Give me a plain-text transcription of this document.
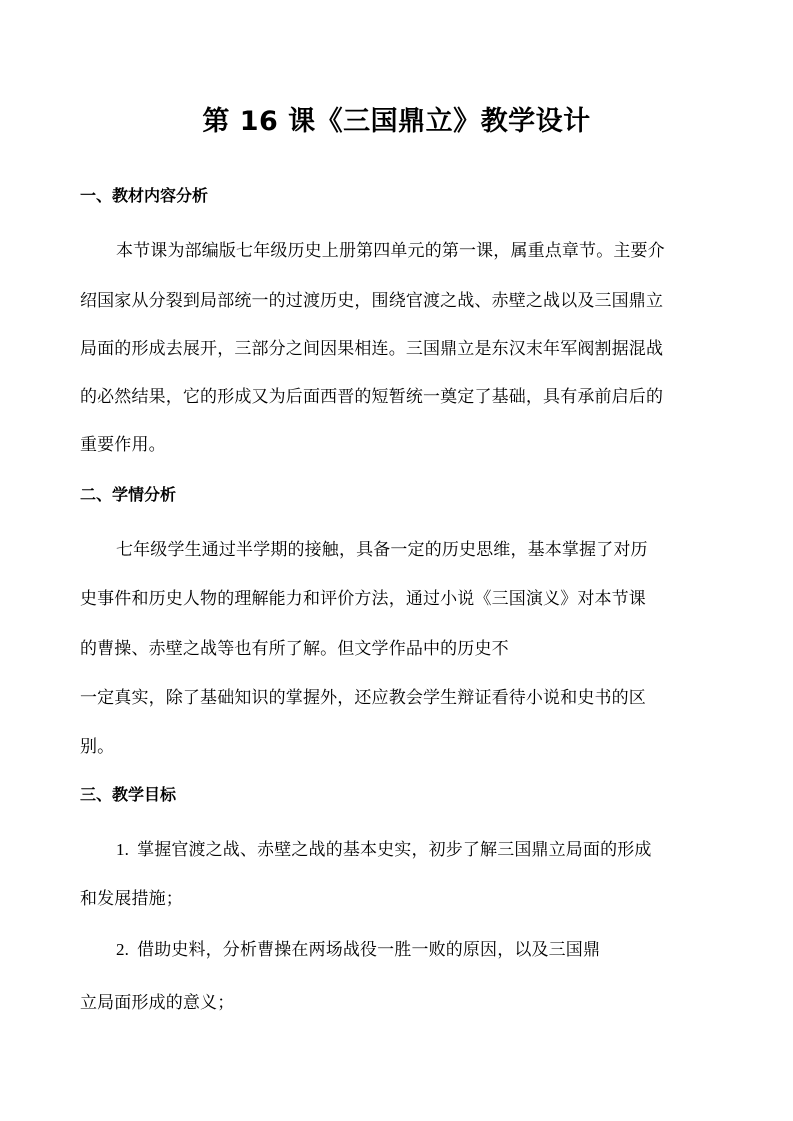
第 16 课《三国鼎立》教学设计
一、教材内容分析
本节课为部编版七年级历史上册第四单元的第一课，属重点章节。主要介
绍国家从分裂到局部统一的过渡历史，围绕官渡之战、赤壁之战以及三国鼎立
局面的形成去展开，三部分之间因果相连。三国鼎立是东汉末年军阀割据混战
的必然结果，它的形成又为后面西晋的短暂统一奠定了基础，具有承前启后的
重要作用。
二、学情分析
七年级学生通过半学期的接触，具备一定的历史思维，基本掌握了对历
史事件和历史人物的理解能力和评价方法，通过小说《三国演义》对本节课
的曹操、赤壁之战等也有所了解。但文学作品中的历史不
一定真实，除了基础知识的掌握外，还应教会学生辩证看待小说和史书的区
别。
三、教学目标
1. 掌握官渡之战、赤壁之战的基本史实，初步了解三国鼎立局面的形成
和发展措施；
2. 借助史料，分析曹操在两场战役一胜一败的原因，以及三国鼎
立局面形成的意义；
